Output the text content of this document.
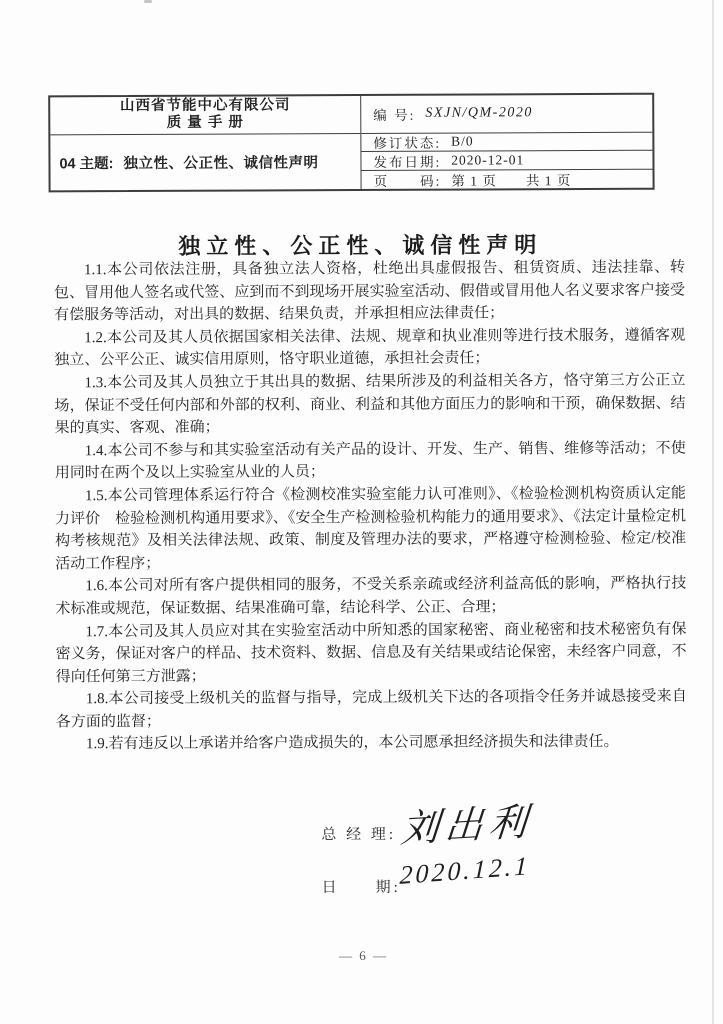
山西省节能中心有限公司
质 量 手 册
04 主题: 独立性、公正性、诚信性声明
编 号: SXJN/QM-2020
修订状态: B/0
发布日期: 2020-12-01
页　　码: 第 1 页　　共 1 页
独立性、公正性、诚信性声明

1.1.本公司依法注册，具备独立法人资格，杜绝出具虚假报告、租赁资质、违法挂靠、转包、冒用他人签名或代签、应到而不到现场开展实验室活动、假借或冒用他人名义要求客户接受有偿服务等活动，对出具的数据、结果负责，并承担相应法律责任；

1.2.本公司及其人员依据国家相关法律、法规、规章和执业准则等进行技术服务，遵循客观独立、公平公正、诚实信用原则，恪守职业道德，承担社会责任；

1.3.本公司及其人员独立于其出具的数据、结果所涉及的利益相关各方，恪守第三方公正立场，保证不受任何内部和外部的权利、商业、利益和其他方面压力的影响和干预，确保数据、结果的真实、客观、准确；

1.4.本公司不参与和其实验室活动有关产品的设计、开发、生产、销售、维修等活动；不使用同时在两个及以上实验室从业的人员；

1.5.本公司管理体系运行符合《检测校准实验室能力认可准则》、《检验检测机构资质认定能力评价　检验检测机构通用要求》、《安全生产检测检验机构能力的通用要求》、《法定计量检定机构考核规范》及相关法律法规、政策、制度及管理办法的要求，严格遵守检测检验、检定/校准活动工作程序；

1.6.本公司对所有客户提供相同的服务，不受关系亲疏或经济利益高低的影响，严格执行技术标准或规范，保证数据、结果准确可靠，结论科学、公正、合理；

1.7.本公司及其人员应对其在实验室活动中所知悉的国家秘密、商业秘密和技术秘密负有保密义务，保证对客户的样品、技术资料、数据、信息及有关结果或结论保密，未经客户同意，不得向任何第三方泄露；

1.8.本公司接受上级机关的监督与指导，完成上级机关下达的各项指令任务并诚恳接受来自各方面的监督；

1.9.若有违反以上承诺并给客户造成损失的，本公司愿承担经济损失和法律责任。

总 经 理: 刘出利
日　　期:
2020.12.1
— 6 —
